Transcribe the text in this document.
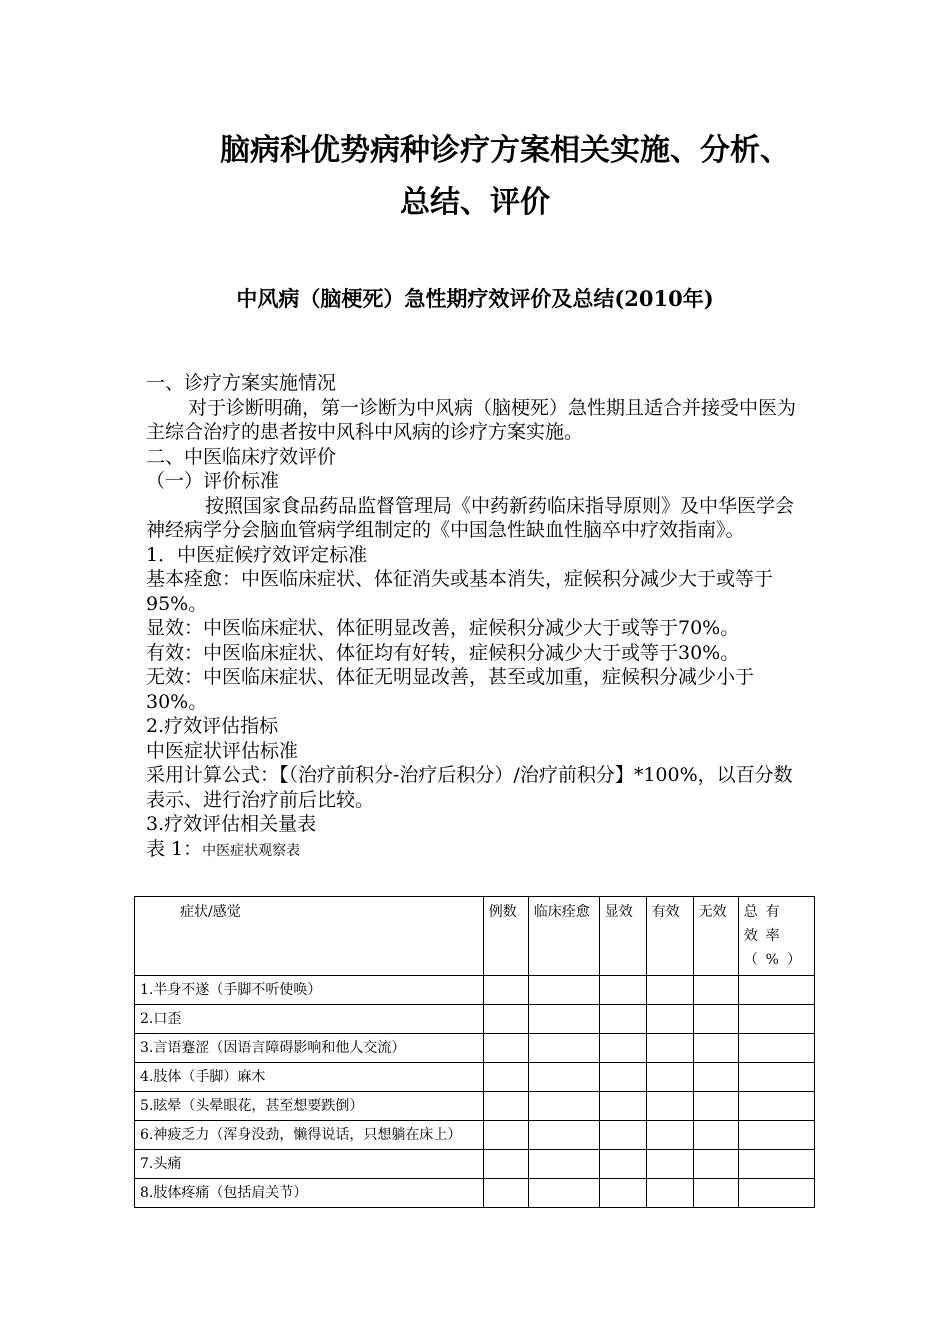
脑病科优势病种诊疗方案相关实施、分析、
总结、评价
中风病（脑梗死）急性期疗效评价及总结(2010年)

一、诊疗方案实施情况

对于诊断明确，第一诊断为中风病（脑梗死）急性期且适合并接受中医为主综合治疗的患者按中风科中风病的诊疗方案实施。

二、中医临床疗效评价

（一）评价标准

按照国家食品药品监督管理局《中药新药临床指导原则》及中华医学会神经病学分会脑血管病学组制定的《中国急性缺血性脑卒中疗效指南》。

1．中医症候疗效评定标准

基本痊愈：中医临床症状、体征消失或基本消失，症候积分减少大于或等于95%。

显效：中医临床症状、体征明显改善，症候积分减少大于或等于70%。

有效：中医临床症状、体征均有好转，症候积分减少大于或等于30%。

无效：中医临床症状、体征无明显改善，甚至或加重，症候积分减少小于30%。

2.疗效评估指标

中医症状评估标准

采用计算公式：【（治疗前积分-治疗后积分）/治疗前积分】*100%，以百分数表示、进行治疗前后比较。

3.疗效评估相关量表

表 1：中医症状观察表

症状/感觉	例数	临床痊愈	显效	有效	无效	总有效率（%）
1.半身不遂（手脚不听使唤）						
2.口歪						
3.言语蹇涩（因语言障碍影响和他人交流）						
4.肢体（手脚）麻木						
5.眩晕（头晕眼花，甚至想要跌倒）						
6.神疲乏力（浑身没劲，懒得说话，只想躺在床上）						
7.头痛						
8.肢体疼痛（包括肩关节）						
